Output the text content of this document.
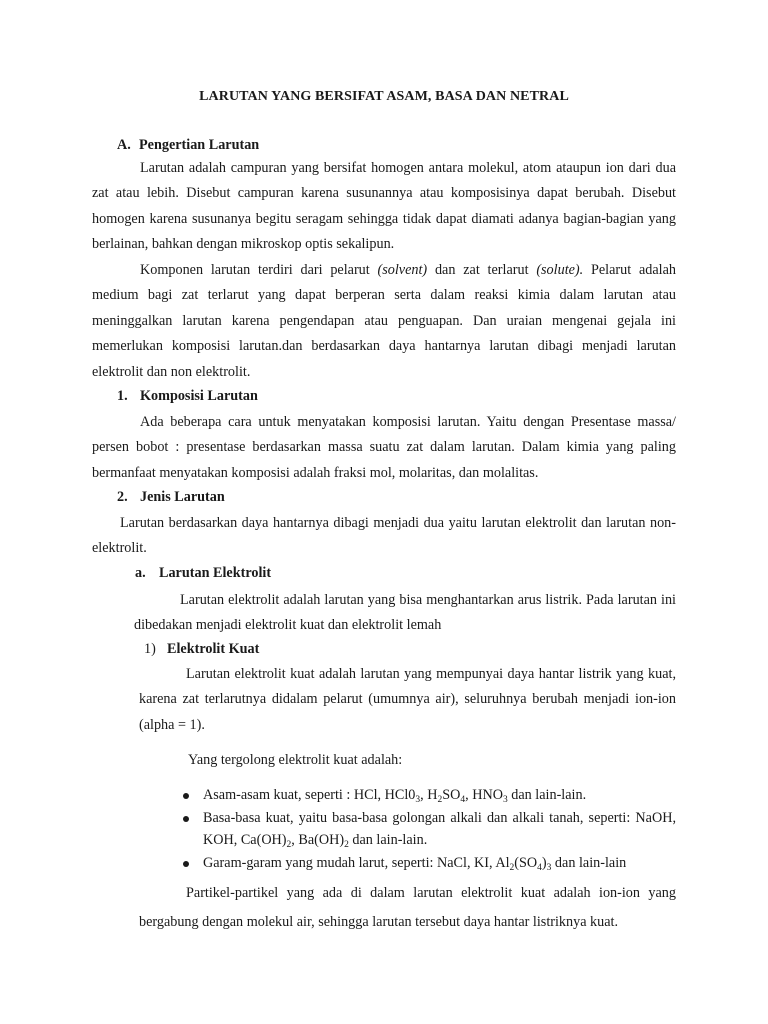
LARUTAN YANG BERSIFAT ASAM, BASA DAN NETRAL
A. Pengertian Larutan

Larutan adalah campuran yang bersifat homogen antara molekul, atom ataupun ion dari dua zat atau lebih. Disebut campuran karena susunannya atau komposisinya dapat berubah. Disebut homogen karena susunanya begitu seragam sehingga tidak dapat diamati adanya bagian-bagian yang berlainan, bahkan dengan mikroskop optis sekalipun.

Komponen larutan terdiri dari pelarut (solvent) dan zat terlarut (solute). Pelarut adalah medium bagi zat terlarut yang dapat berperan serta dalam reaksi kimia dalam larutan atau meninggalkan larutan karena pengendapan atau penguapan. Dan uraian mengenai gejala ini memerlukan komposisi larutan.dan berdasarkan daya hantarnya larutan dibagi menjadi larutan elektrolit dan non elektrolit.

1. Komposisi Larutan

Ada beberapa cara untuk menyatakan komposisi larutan. Yaitu dengan Presentase massa/ persen bobot : presentase berdasarkan massa suatu zat dalam larutan. Dalam kimia yang paling bermanfaat menyatakan komposisi adalah fraksi mol, molaritas, dan molalitas.

2. Jenis Larutan

Larutan berdasarkan daya hantarnya dibagi menjadi dua yaitu larutan elektrolit dan larutan non-elektrolit.

a. Larutan Elektrolit

Larutan elektrolit adalah larutan yang bisa menghantarkan arus listrik. Pada larutan ini dibedakan menjadi elektrolit kuat dan elektrolit lemah

1) Elektrolit Kuat

Larutan elektrolit kuat adalah larutan yang mempunyai daya hantar listrik yang kuat, karena zat terlarutnya didalam pelarut (umumnya air), seluruhnya berubah menjadi ion-ion (alpha = 1).

Yang tergolong elektrolit kuat adalah:

Asam-asam kuat, seperti : HCl, $HCl0_3$, $H_2SO_4$, $HNO_3$ dan lain-lain.
Basa-basa kuat, yaitu basa-basa golongan alkali dan alkali tanah, seperti: NaOH, KOH, $Ca(OH)_2$, $Ba(OH)_2$ dan lain-lain.
Garam-garam yang mudah larut, seperti: NaCl, KI, $Al_2(SO_4)_3$ dan lain-lain

Partikel-partikel yang ada di dalam larutan elektrolit kuat adalah ion-ion yang bergabung dengan molekul air, sehingga larutan tersebut daya hantar listriknya kuat.
